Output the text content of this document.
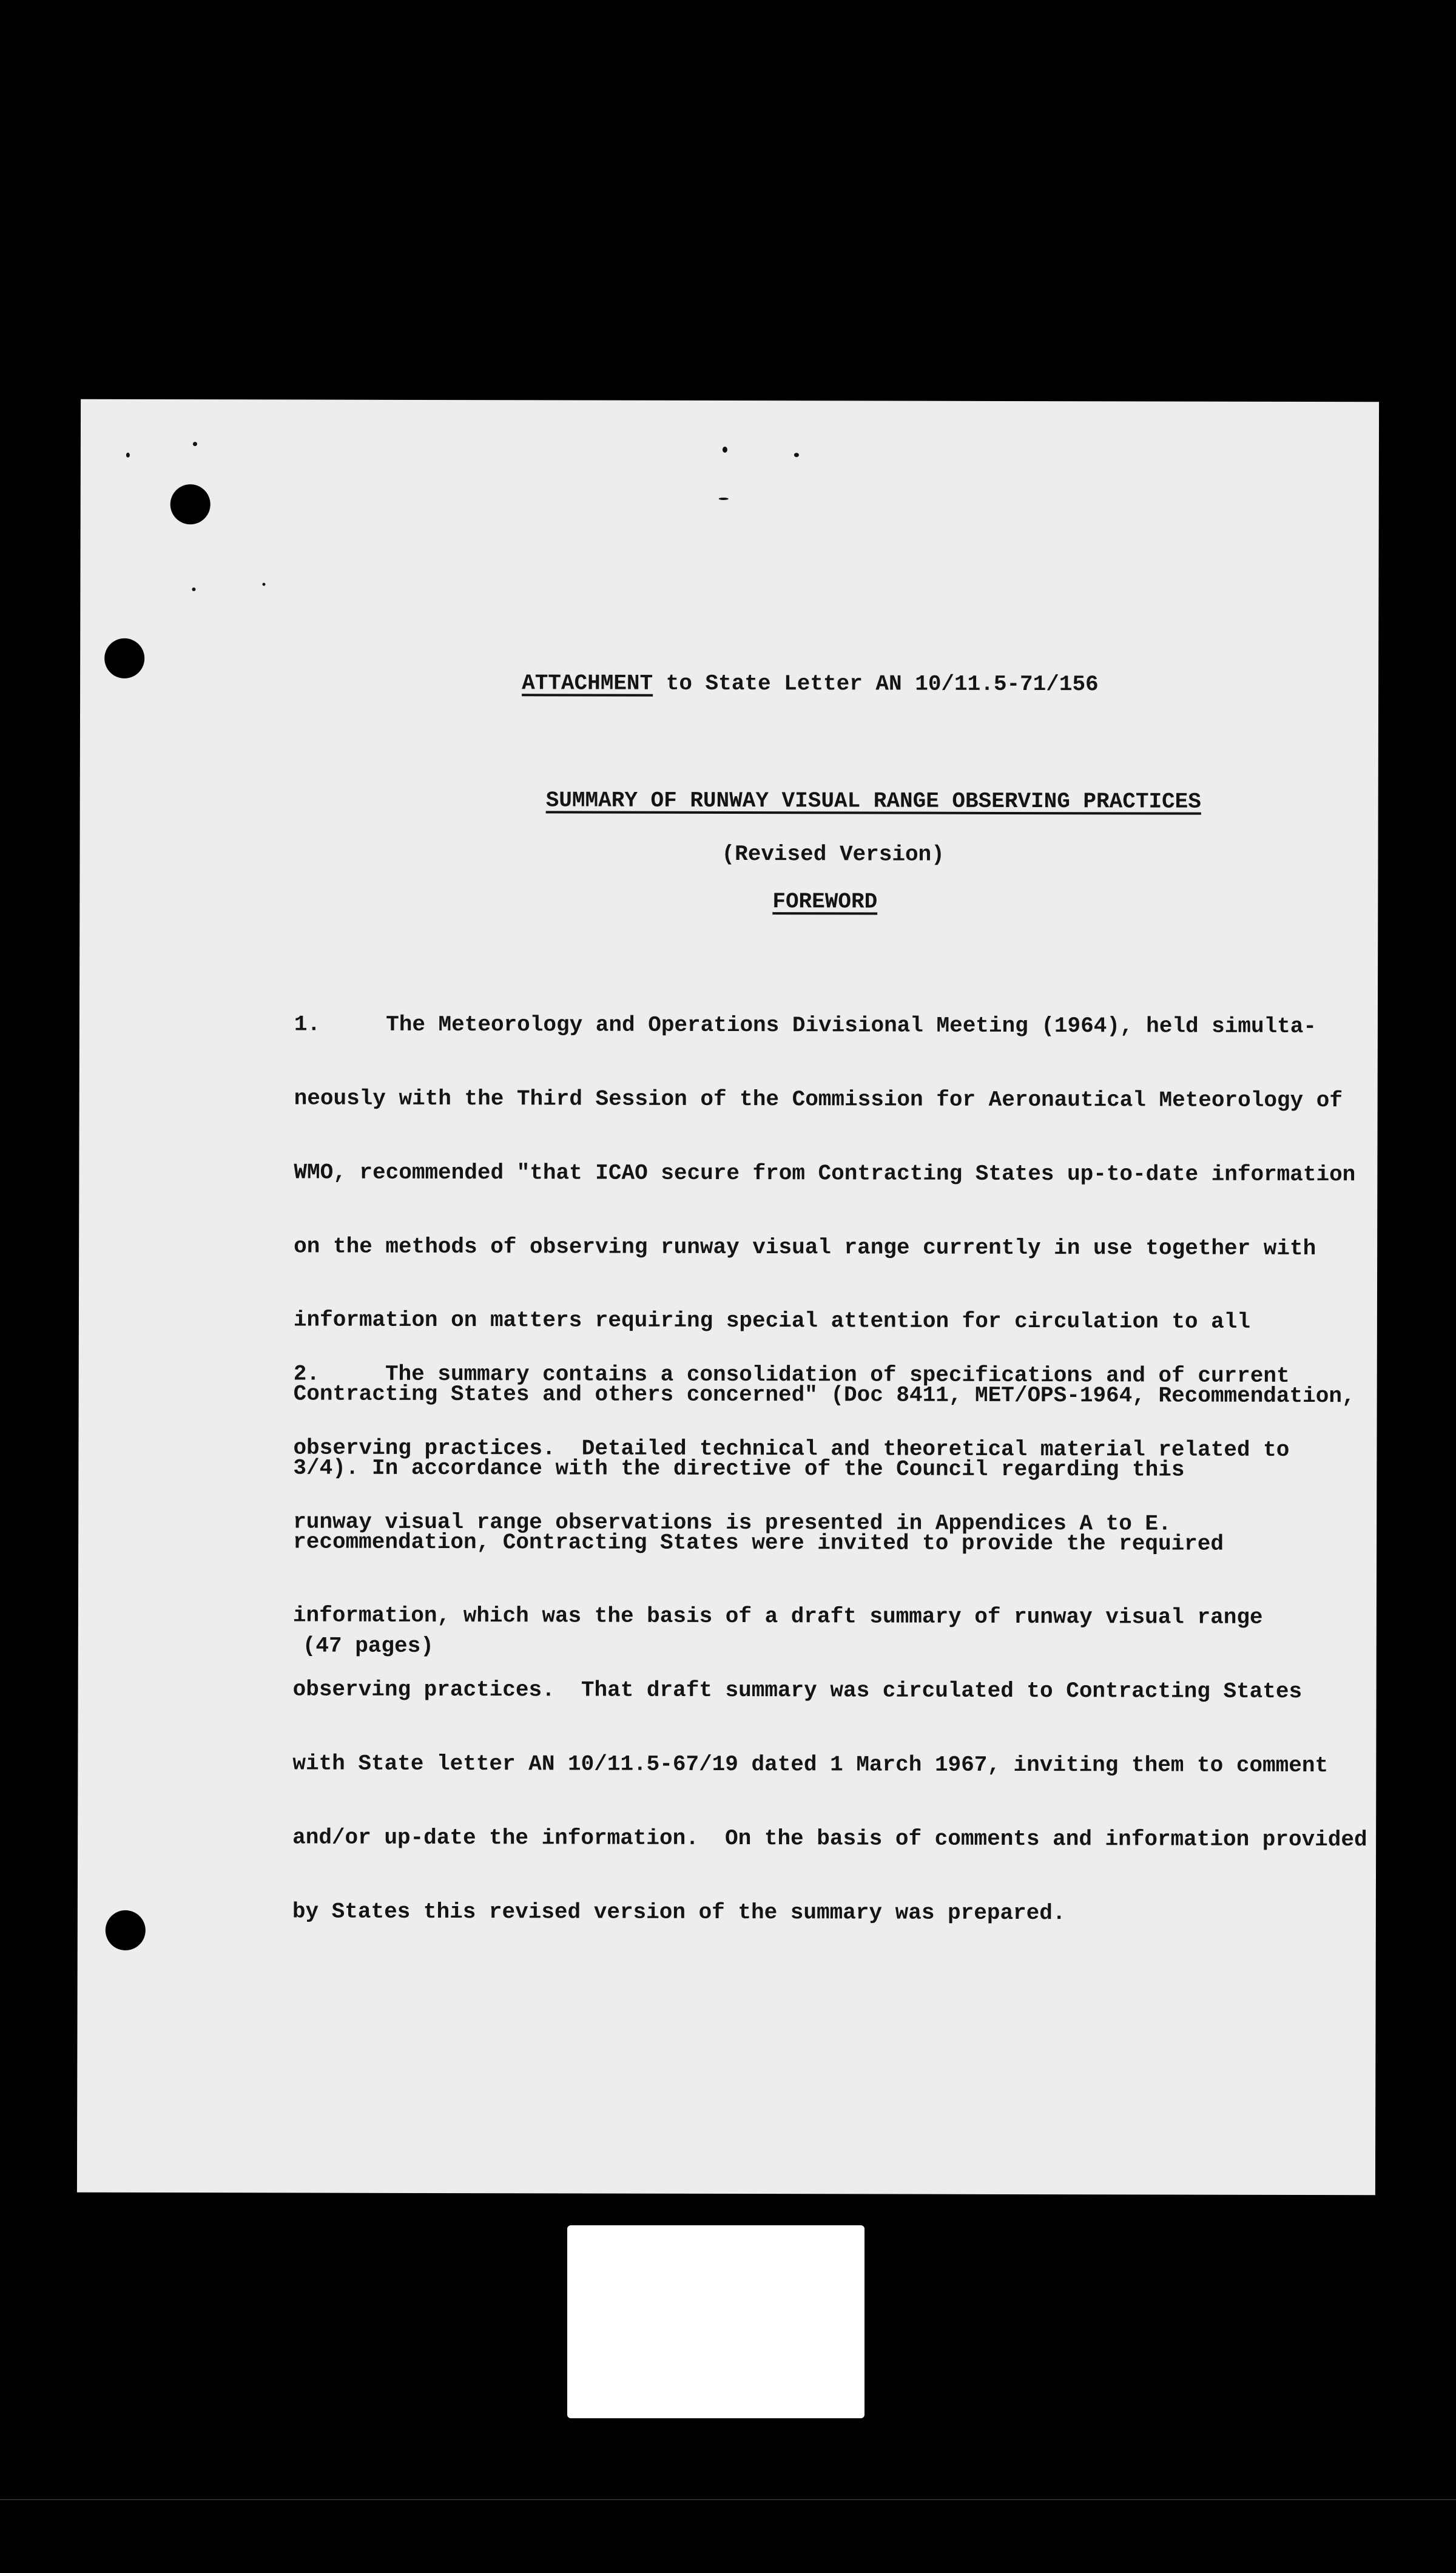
ATTACHMENT to State Letter AN 10/11.5-71/156
SUMMARY OF RUNWAY VISUAL RANGE OBSERVING PRACTICES
(Revised Version)
FOREWORD

1.     The Meteorology and Operations Divisional Meeting (1964), held simulta-

neously with the Third Session of the Commission for Aeronautical Meteorology of

WMO, recommended "that ICAO secure from Contracting States up-to-date information

on the methods of observing runway visual range currently in use together with

information on matters requiring special attention for circulation to all

Contracting States and others concerned" (Doc 8411, MET/OPS-1964, Recommendation,

3/4). In accordance with the directive of the Council regarding this

recommendation, Contracting States were invited to provide the required

information, which was the basis of a draft summary of runway visual range

observing practices.  That draft summary was circulated to Contracting States

with State letter AN 10/11.5-67/19 dated 1 March 1967, inviting them to comment

and/or up-date the information.  On the basis of comments and information provided

by States this revised version of the summary was prepared.

2.     The summary contains a consolidation of specifications and of current

observing practices.  Detailed technical and theoretical material related to

runway visual range observations is presented in Appendices A to E.

(47 pages)
